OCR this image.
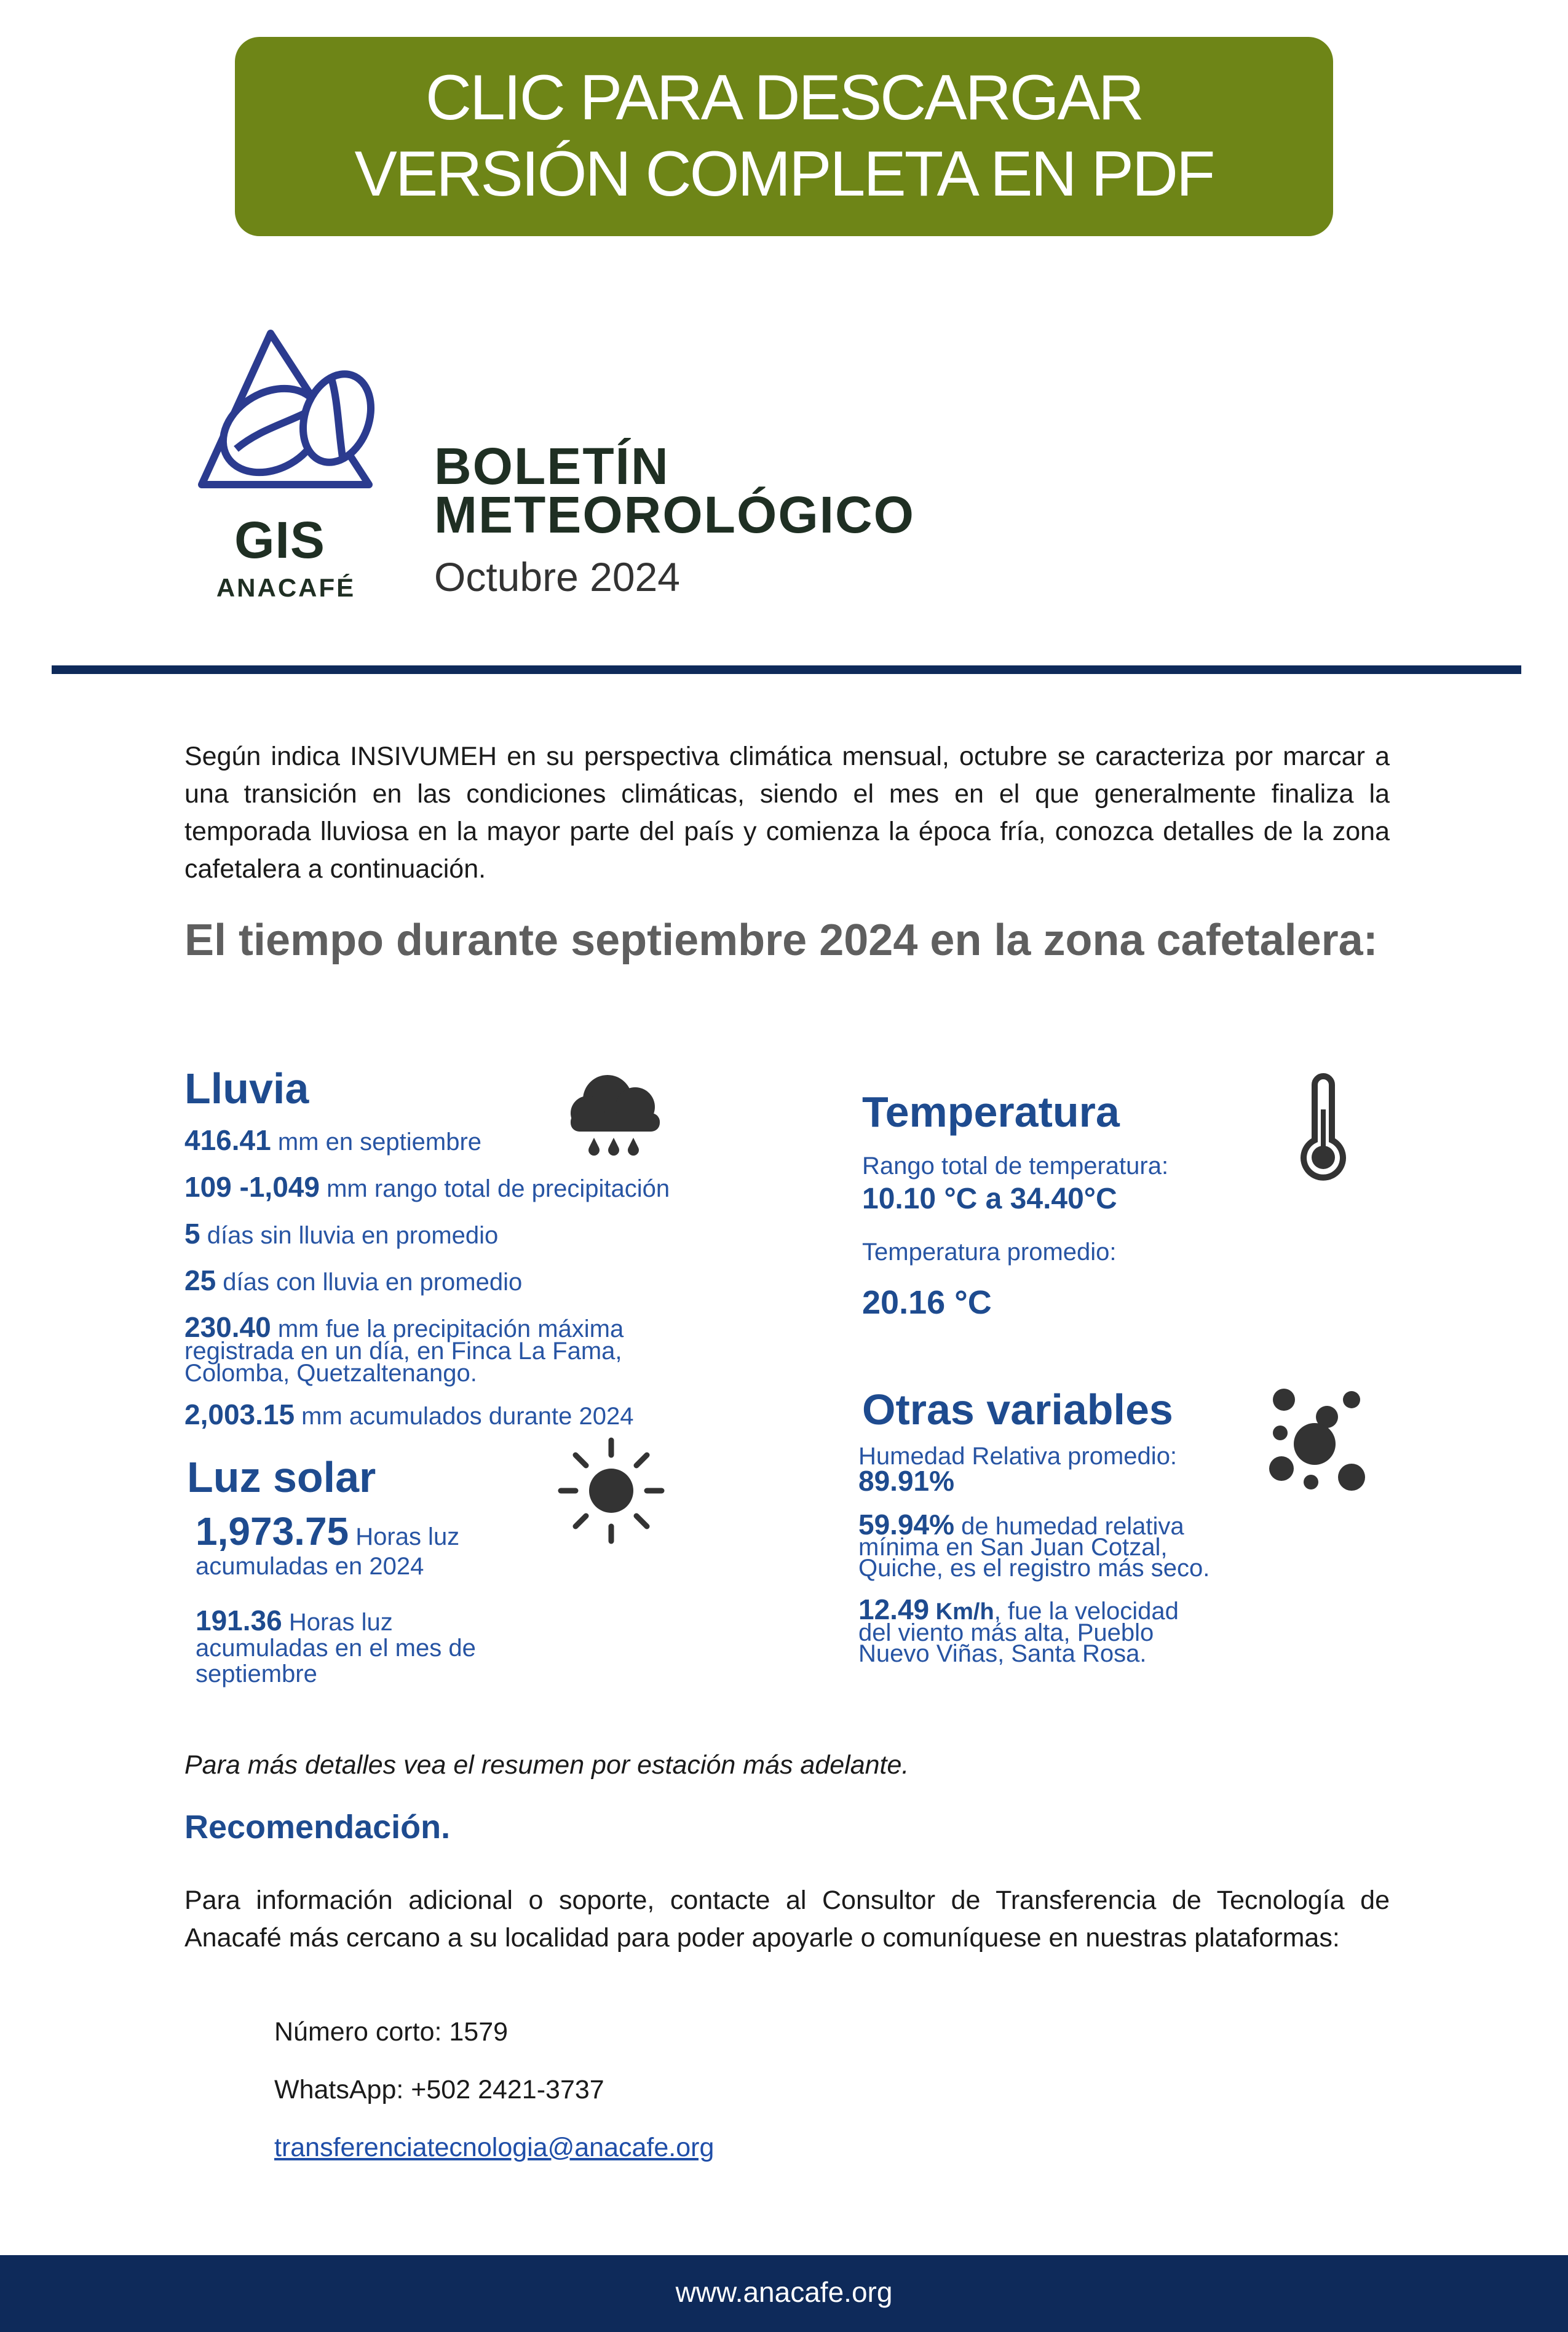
CLIC PARA DESCARGAR
VERSIÓN COMPLETA EN PDF
GIS
ANACAFÉ
BOLETÍN
METEOROLÓGICO
Octubre 2024
Según indica INSIVUMEH en su perspectiva climática mensual, octubre se caracteriza por marcar a una transición en las condiciones climáticas, siendo el mes en el que generalmente finaliza la temporada lluviosa en la mayor parte del país y comienza la época fría, conozca detalles de la zona cafetalera a continuación.
El tiempo durante septiembre 2024 en la zona cafetalera:
Lluvia
416.41 mm en septiembre
109 -1,049 mm rango total de precipitación
5 días sin lluvia en promedio
25 días con lluvia en promedio
230.40 mm fue la precipitación máxima
registrada en un día, en Finca La Fama,
Colomba, Quetzaltenango.
2,003.15 mm acumulados durante 2024
Luz solar
1,973.75 Horas luz
acumuladas en 2024
191.36 Horas luz
acumuladas en el mes de
septiembre
Temperatura
Rango total de temperatura:
10.10 °C a 34.40°C
Temperatura promedio:
20.16 °C
Otras variables
Humedad Relativa promedio:
89.91%
59.94% de humedad relativa
mínima en San Juan Cotzal,
Quiche, es el registro más seco.
12.49 Km/h, fue la velocidad
del viento más alta, Pueblo
Nuevo Viñas, Santa Rosa.
Para más detalles vea el resumen por estación más adelante.
Recomendación.
Para información adicional o soporte, contacte al Consultor de Transferencia de Tecnología de Anacafé más cercano a su localidad para poder apoyarle o comuníquese en nuestras plataformas:
Número corto: 1579
WhatsApp: +502 2421-3737
transferenciatecnologia@anacafe.org
www.anacafe.org
